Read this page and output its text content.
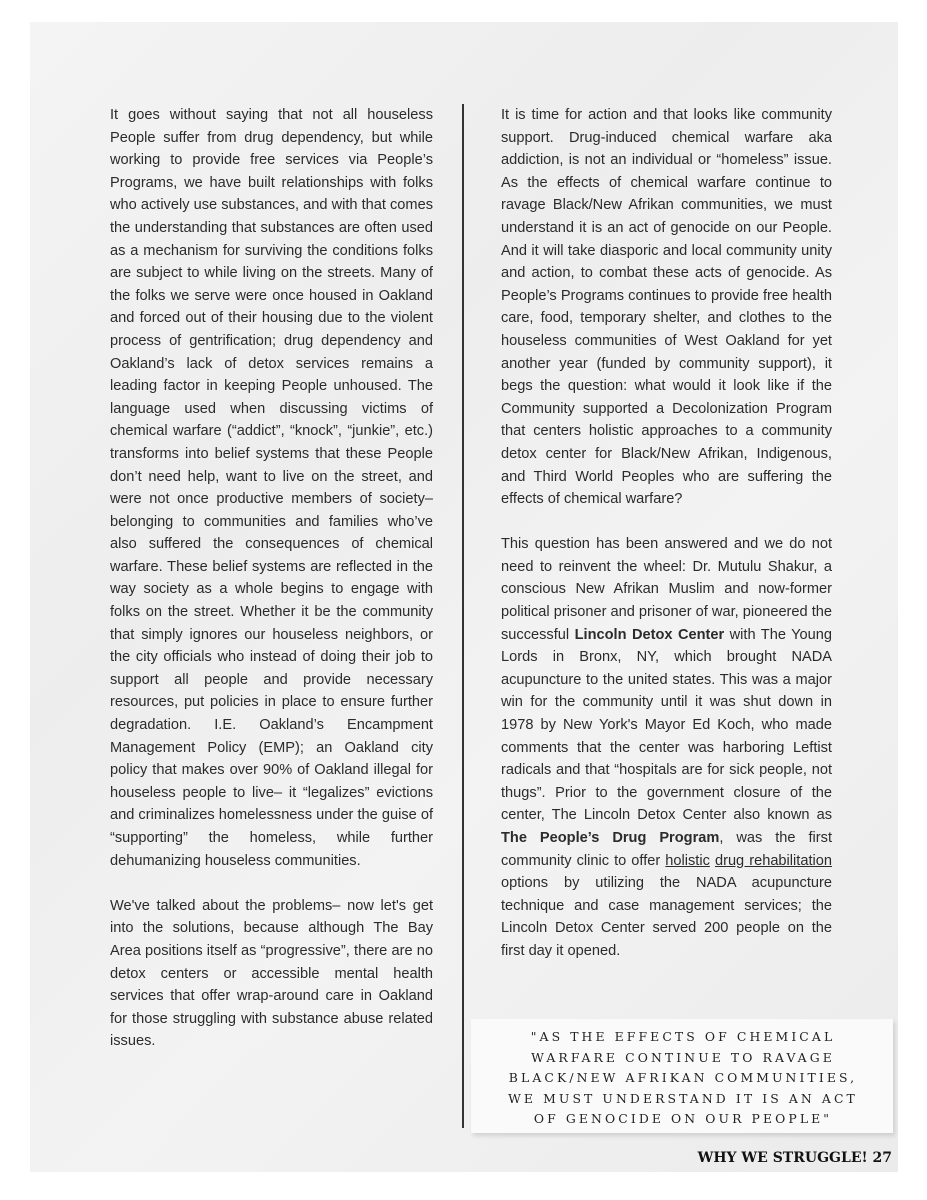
It goes without saying that not all houseless People suffer from drug dependency, but while working to provide free services via People’s Programs, we have built relationships with folks who actively use substances, and with that comes the understanding that substances are often used as a mechanism for surviving the conditions folks are subject to while living on the streets. Many of the folks we serve were once housed in Oakland and forced out of their housing due to the violent process of gentrification; drug dependency and Oakland’s lack of detox services remains a leading factor in keeping People unhoused. The language used when discussing victims of chemical warfare (“addict”, “knock”, “junkie”, etc.) transforms into belief systems that these People don’t need help, want to live on the street, and were not once productive members of society– belonging to communities and families who’ve also suffered the consequences of chemical warfare. These belief systems are reflected in the way society as a whole begins to engage with folks on the street. Whether it be the community that simply ignores our houseless neighbors, or the city officials who instead of doing their job to support all people and provide necessary resources, put policies in place to ensure further degradation. I.E. Oakland’s Encampment Management Policy (EMP); an Oakland city policy that makes over 90% of Oakland illegal for houseless people to live– it “legalizes” evictions and criminalizes homelessness under the guise of “supporting” the homeless, while further dehumanizing houseless communities.

We've talked about the problems– now let's get into the solutions, because although The Bay Area positions itself as “progressive”, there are no detox centers or accessible mental health services that offer wrap-around care in Oakland for those struggling with substance abuse related issues.

It is time for action and that looks like community support. Drug-induced chemical warfare aka addiction, is not an individual or “homeless” issue. As the effects of chemical warfare continue to ravage Black/New Afrikan communities, we must understand it is an act of genocide on our People. And it will take diasporic and local community unity and action, to combat these acts of genocide. As People’s Programs continues to provide free health care, food, temporary shelter, and clothes to the houseless communities of West Oakland for yet another year (funded by community support), it begs the question: what would it look like if the Community supported a Decolonization Program that centers holistic approaches to a community detox center for Black/New Afrikan, Indigenous, and Third World Peoples who are suffering the effects of chemical warfare?

This question has been answered and we do not need to reinvent the wheel: Dr. Mutulu Shakur, a conscious New Afrikan Muslim and now-former political prisoner and prisoner of war, pioneered the successful Lincoln Detox Center with The Young Lords in Bronx, NY, which brought NADA acupuncture to the united states. This was a major win for the community until it was shut down in 1978 by New York's Mayor Ed Koch, who made comments that the center was harboring Leftist radicals and that “hospitals are for sick people, not thugs”. Prior to the government closure of the center, The Lincoln Detox Center also known as The People’s Drug Program, was the first community clinic to offer holistic drug rehabilitation options by utilizing the NADA acupuncture technique and case management services; the Lincoln Detox Center served 200 people on the first day it opened.

"AS THE EFFECTS OF CHEMICAL WARFARE CONTINUE TO RAVAGE BLACK/NEW AFRIKAN COMMUNITIES, WE MUST UNDERSTAND IT IS AN ACT OF GENOCIDE ON OUR PEOPLE"
WHY WE STRUGGLE! 27
